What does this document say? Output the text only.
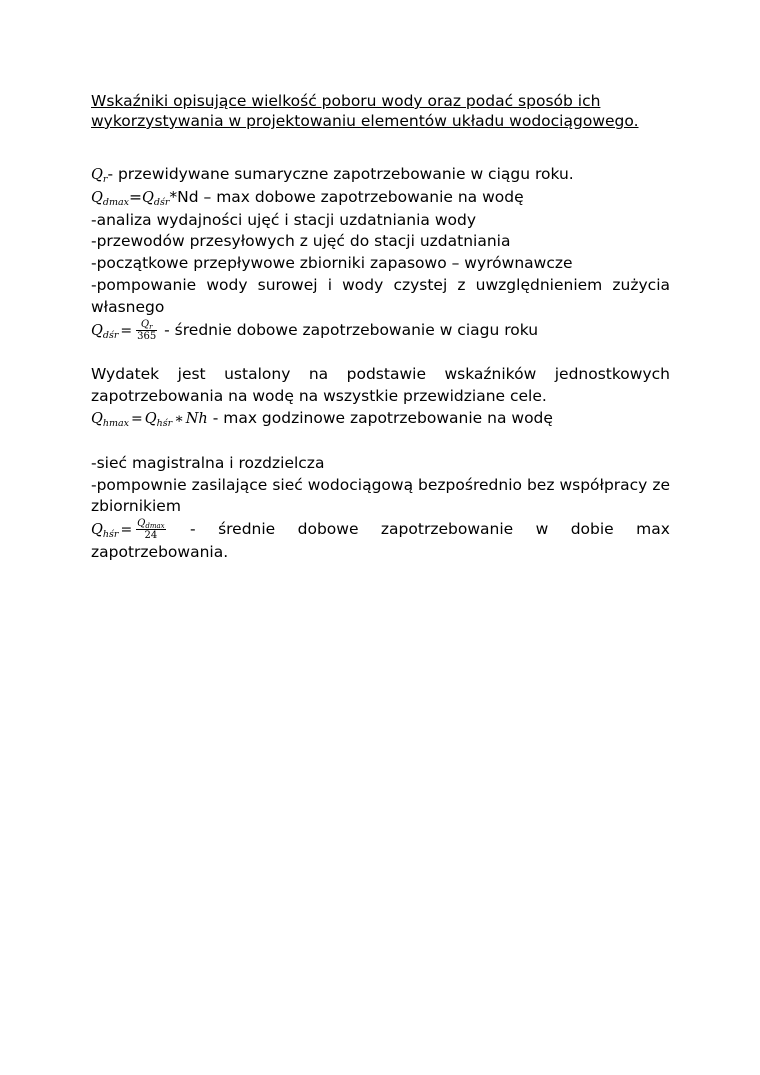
Wskaźniki opisujące wielkość poboru wody oraz podać sposób ich wykorzystywania w projektowaniu elementów układu wodociągowego.

$Q_r-$ przewidywane sumaryczne zapotrzebowanie w ciągu roku.

$Q_{dmax}=Q_{dśr}*Nd - \max$ dobowe zapotrzebowanie na wodę

-analiza wydajności ujęć i stacji uzdatniania wody

-przewodów przesyłowych z ujęć do stacji uzdatniania

-początkowe przepływowe zbiorniki zapasowo – wyrównawcze

-pompowanie wody surowej i wody czystej z uwzględnieniem zużycia

własnego

$Q_{dśr} = \frac{Q_r}{365}$ - średnie dobowe zapotrzebowanie w ciagu roku

Wydatek jest ustalony na podstawie wskaźników jednostkowych zapotrzebowania na wodę na wszystkie przewidziane cele.

$Q_{hmax} = Q_{hśr}$ ∗ Nh - max godzinowe zapotrzebowanie na wodę

-sieć magistralna i rozdzielcza

-pompownie zasilające sieć wodociągową bezpośrednio bez współpracy ze

zbiornikiem

$Q_{hśr} = \frac{Q_{dmax}}{24}$ - średnie dobowe zapotrzebowanie w dobie max

zapotrzebowania.
